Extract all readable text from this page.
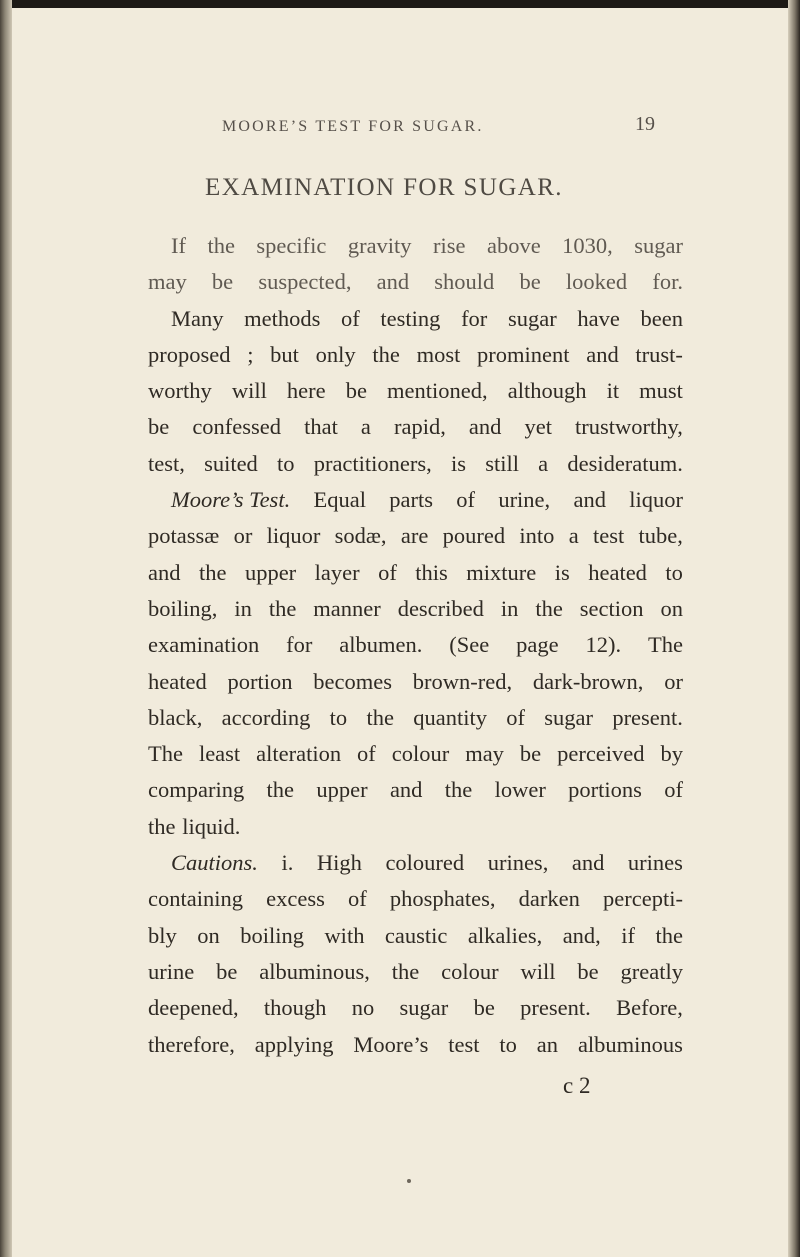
MOORE’S TEST FOR SUGAR.	19
EXAMINATION FOR SUGAR.
If the specific gravity rise above 1030, sugar
may be suspected, and should be looked for.
Many methods of testing for sugar have been
proposed ; but only the most prominent and trust-
worthy will here be mentioned, although it must
be confessed that a rapid, and yet trustworthy,
test, suited to practitioners, is still a desideratum.
Moore’s Test. Equal parts of urine, and liquor
potassæ or liquor sodæ, are poured into a test tube,
and the upper layer of this mixture is heated to
boiling, in the manner described in the section on
examination for albumen. (See page 12). The
heated portion becomes brown-red, dark-brown, or
black, according to the quantity of sugar present.
The least alteration of colour may be perceived by
comparing the upper and the lower portions of
the liquid.
Cautions. i. High coloured urines, and urines
containing excess of phosphates, darken percepti-
bly on boiling with caustic alkalies, and, if the
urine be albuminous, the colour will be greatly
deepened, though no sugar be present. Before,
therefore, applying Moore’s test to an albuminous
c 2
